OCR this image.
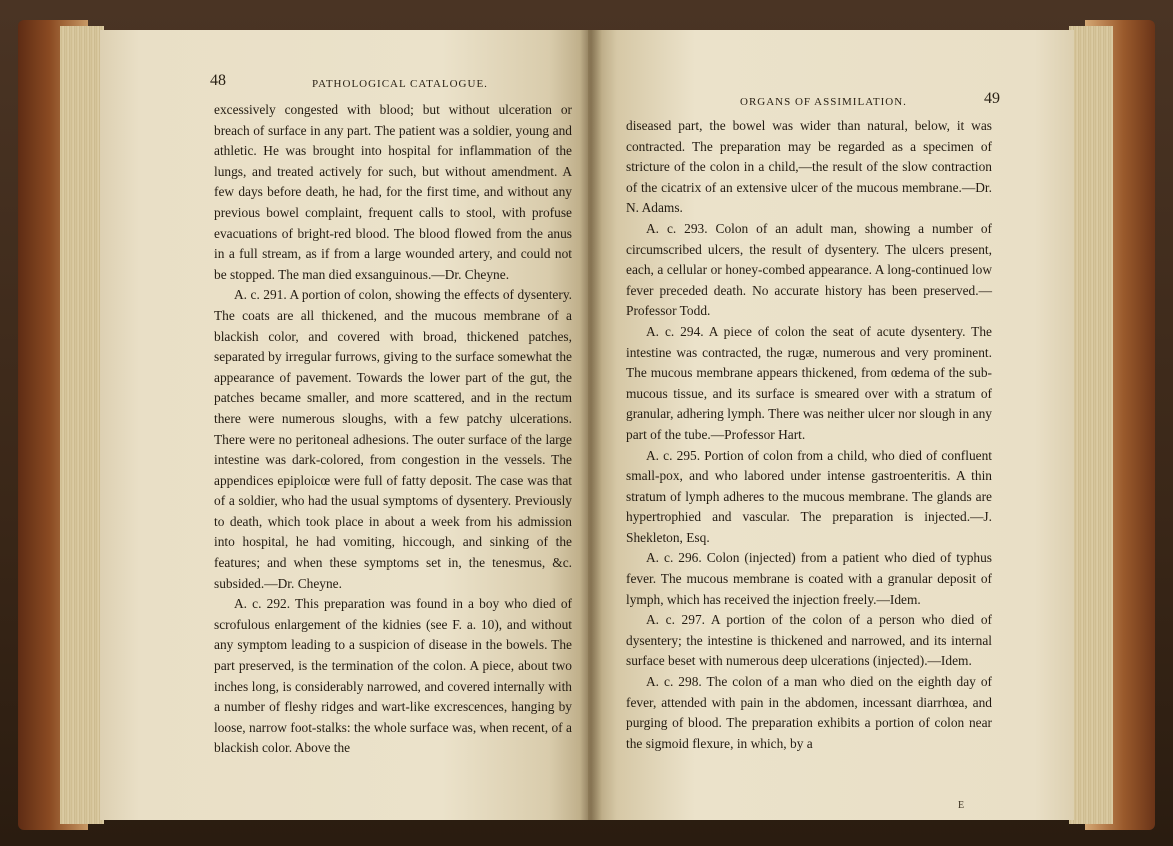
48	PATHOLOGICAL CATALOGUE.

excessively congested with blood; but without ulceration or breach of surface in any part. The patient was a soldier, young and athletic. He was brought into hospital for inflammation of the lungs, and treated actively for such, but without amendment. A few days before death, he had, for the first time, and without any previous bowel complaint, frequent calls to stool, with profuse evacuations of bright-red blood. The blood flowed from the anus in a full stream, as if from a large wounded artery, and could not be stopped. The man died exsanguinous.—Dr. Cheyne.

A. c. 291. A portion of colon, showing the effects of dysentery. The coats are all thickened, and the mucous membrane of a blackish color, and covered with broad, thickened patches, separated by irregular furrows, giving to the surface somewhat the appearance of pavement. Towards the lower part of the gut, the patches became smaller, and more scattered, and in the rectum there were numerous sloughs, with a few patchy ulcerations. There were no peritoneal adhesions. The outer surface of the large intestine was dark-colored, from congestion in the vessels. The appendices epiploicœ were full of fatty deposit. The case was that of a soldier, who had the usual symptoms of dysentery. Previously to death, which took place in about a week from his admission into hospital, he had vomiting, hiccough, and sinking of the features; and when these symptoms set in, the tenesmus, &c. subsided.—Dr. Cheyne.

A. c. 292. This preparation was found in a boy who died of scrofulous enlargement of the kidnies (see F. a. 10), and without any symptom leading to a suspicion of disease in the bowels. The part preserved, is the termination of the colon. A piece, about two inches long, is considerably narrowed, and covered internally with a number of fleshy ridges and wart-like excrescences, hanging by loose, narrow foot-stalks: the whole surface was, when recent, of a blackish color. Above the

ORGANS OF ASSIMILATION.	49

diseased part, the bowel was wider than natural, below, it was contracted. The preparation may be regarded as a specimen of stricture of the colon in a child,—the result of the slow contraction of the cicatrix of an extensive ulcer of the mucous membrane.—Dr. N. Adams.

A. c. 293. Colon of an adult man, showing a number of circumscribed ulcers, the result of dysentery. The ulcers present, each, a cellular or honey-combed appearance. A long-continued low fever preceded death. No accurate history has been preserved.—Professor Todd.

A. c. 294. A piece of colon the seat of acute dysentery. The intestine was contracted, the rugæ, numerous and very prominent. The mucous membrane appears thickened, from œdema of the sub-mucous tissue, and its surface is smeared over with a stratum of granular, adhering lymph. There was neither ulcer nor slough in any part of the tube.—Professor Hart.

A. c. 295. Portion of colon from a child, who died of confluent small-pox, and who labored under intense gastroenteritis. A thin stratum of lymph adheres to the mucous membrane. The glands are hypertrophied and vascular. The preparation is injected.—J. Shekleton, Esq.

A. c. 296. Colon (injected) from a patient who died of typhus fever. The mucous membrane is coated with a granular deposit of lymph, which has received the injection freely.—Idem.

A. c. 297. A portion of the colon of a person who died of dysentery; the intestine is thickened and narrowed, and its internal surface beset with numerous deep ulcerations (injected).—Idem.

A. c. 298. The colon of a man who died on the eighth day of fever, attended with pain in the abdomen, incessant diarrhœa, and purging of blood. The preparation exhibits a portion of colon near the sigmoid flexure, in which, by a

E
